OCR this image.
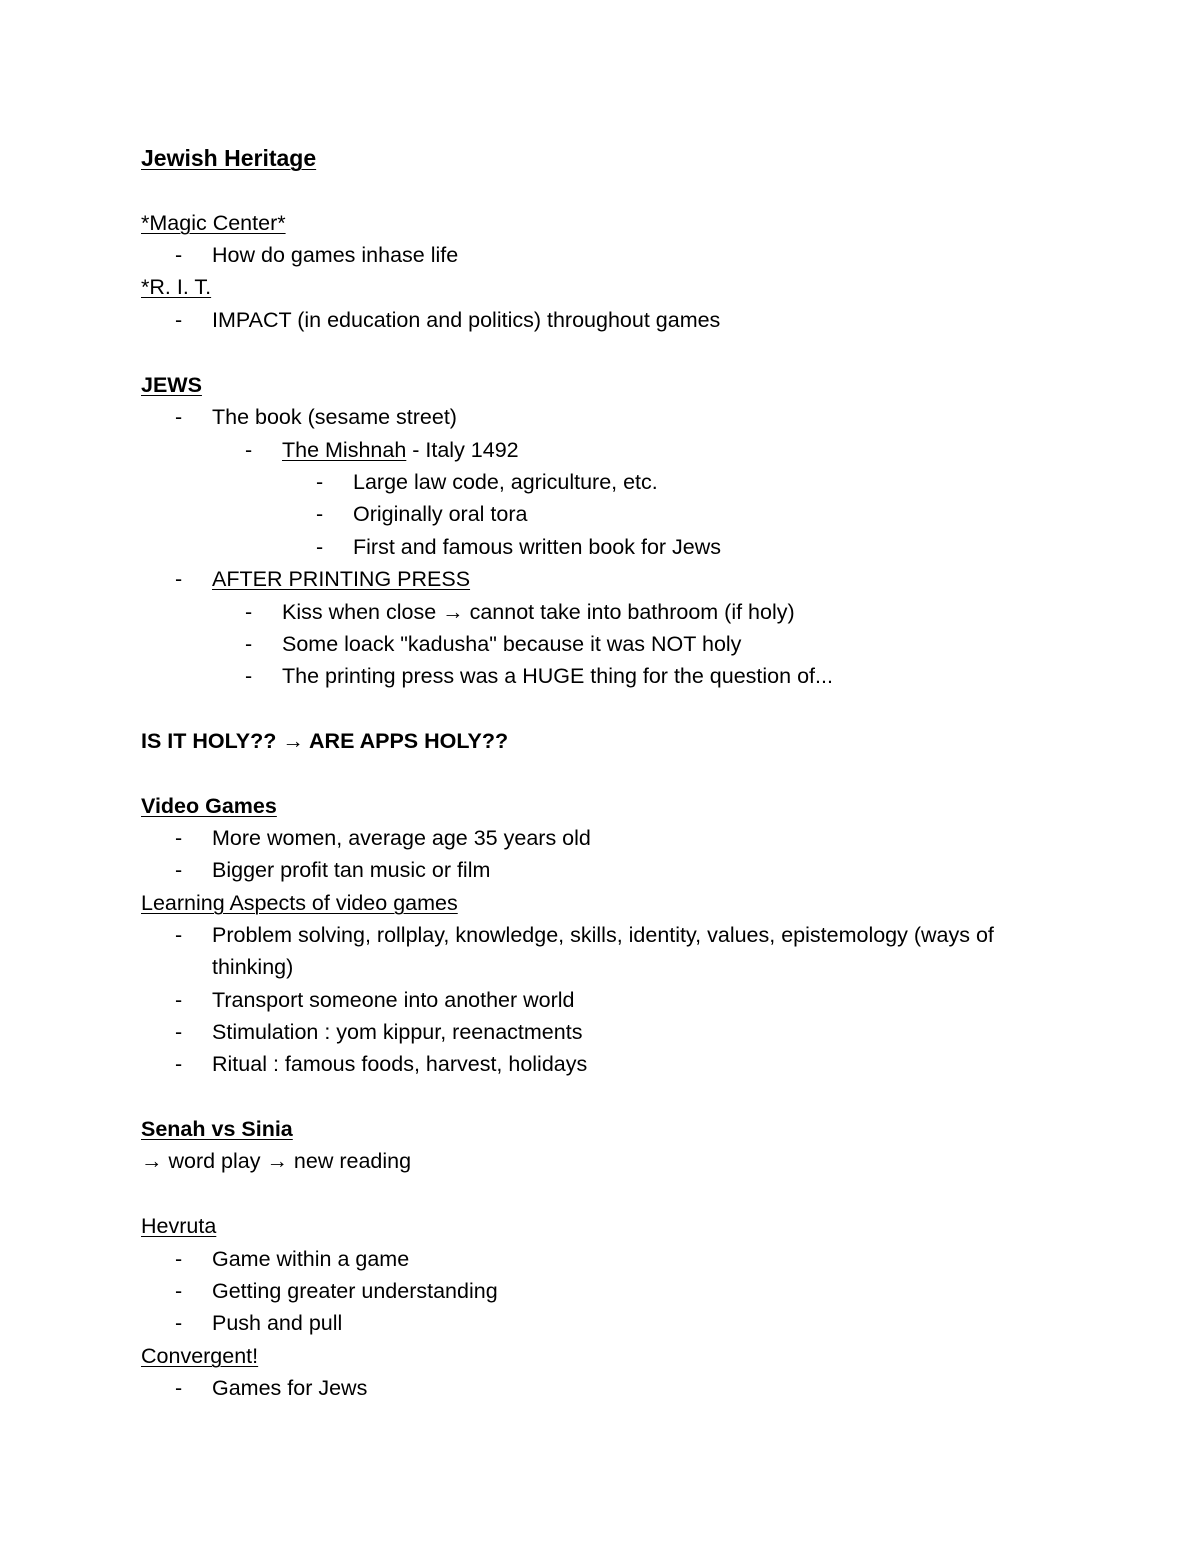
Jewish Heritage
*Magic Center*
-	How do games inhase life
*R. I. T.
-	IMPACT (in education and politics) throughout games
JEWS
-	The book (sesame street)
-	The Mishnah - Italy 1492
-	Large law code, agriculture, etc.
-	Originally oral tora
-	First and famous written book for Jews
-	AFTER PRINTING PRESS
-	Kiss when close → cannot take into bathroom (if holy)
-	Some loack "kadusha" because it was NOT holy
-	The printing press was a HUGE thing for the question of...
IS IT HOLY?? → ARE APPS HOLY??
Video Games
-	More women, average age 35 years old
-	Bigger profit tan music or film
Learning Aspects of video games
-	Problem solving, rollplay, knowledge, skills, identity, values, epistemology (ways of thinking)
-	Transport someone into another world
-	Stimulation : yom kippur, reenactments
-	Ritual : famous foods, harvest, holidays
Senah vs Sinia
→ word play → new reading
Hevruta
-	Game within a game
-	Getting greater understanding
-	Push and pull
Convergent!
-	Games for Jews
